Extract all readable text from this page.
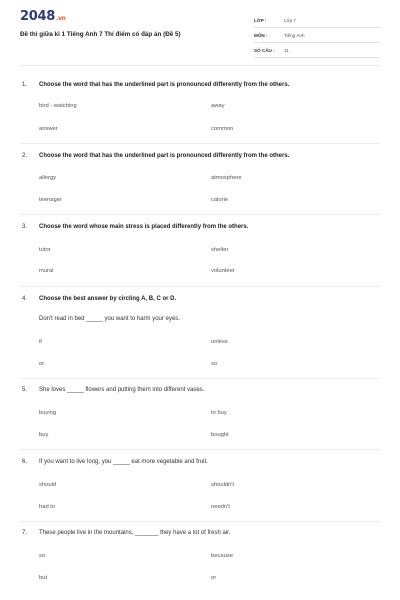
2048.vn
Đề thi giữa kì 1 Tiếng Anh 7 Thí điểm có đáp án (Đề 5)
LỚP :	Lớp 7
MÔN :	Tiếng Anh
SỐ CÂU : 11
1. Choose the word that has the underlined part is pronounced differently from the others.
bird - watching	away
answer	common
2. Choose the word that has the underlined part is pronounced differently from the others.
allergy	atmosphere
teenager	calorie
3. Choose the word whose main stress is placed differently from the others.
tutor	shelter
mural	volunteer
4. Choose the best answer by circling A, B, C or D.
Don't read in bed _____ you want to harm your eyes.
if	unless
or	so
5. She loves _____ flowers and putting them into different vases.
buying	to buy
buy	bought
6. If you want to live long, you _____ eat more vegetable and fruit.
should	shouldn't
had to	needn't
7. These people live in the mountains, _______ they have a lot of fresh air.
so	because
but	or
